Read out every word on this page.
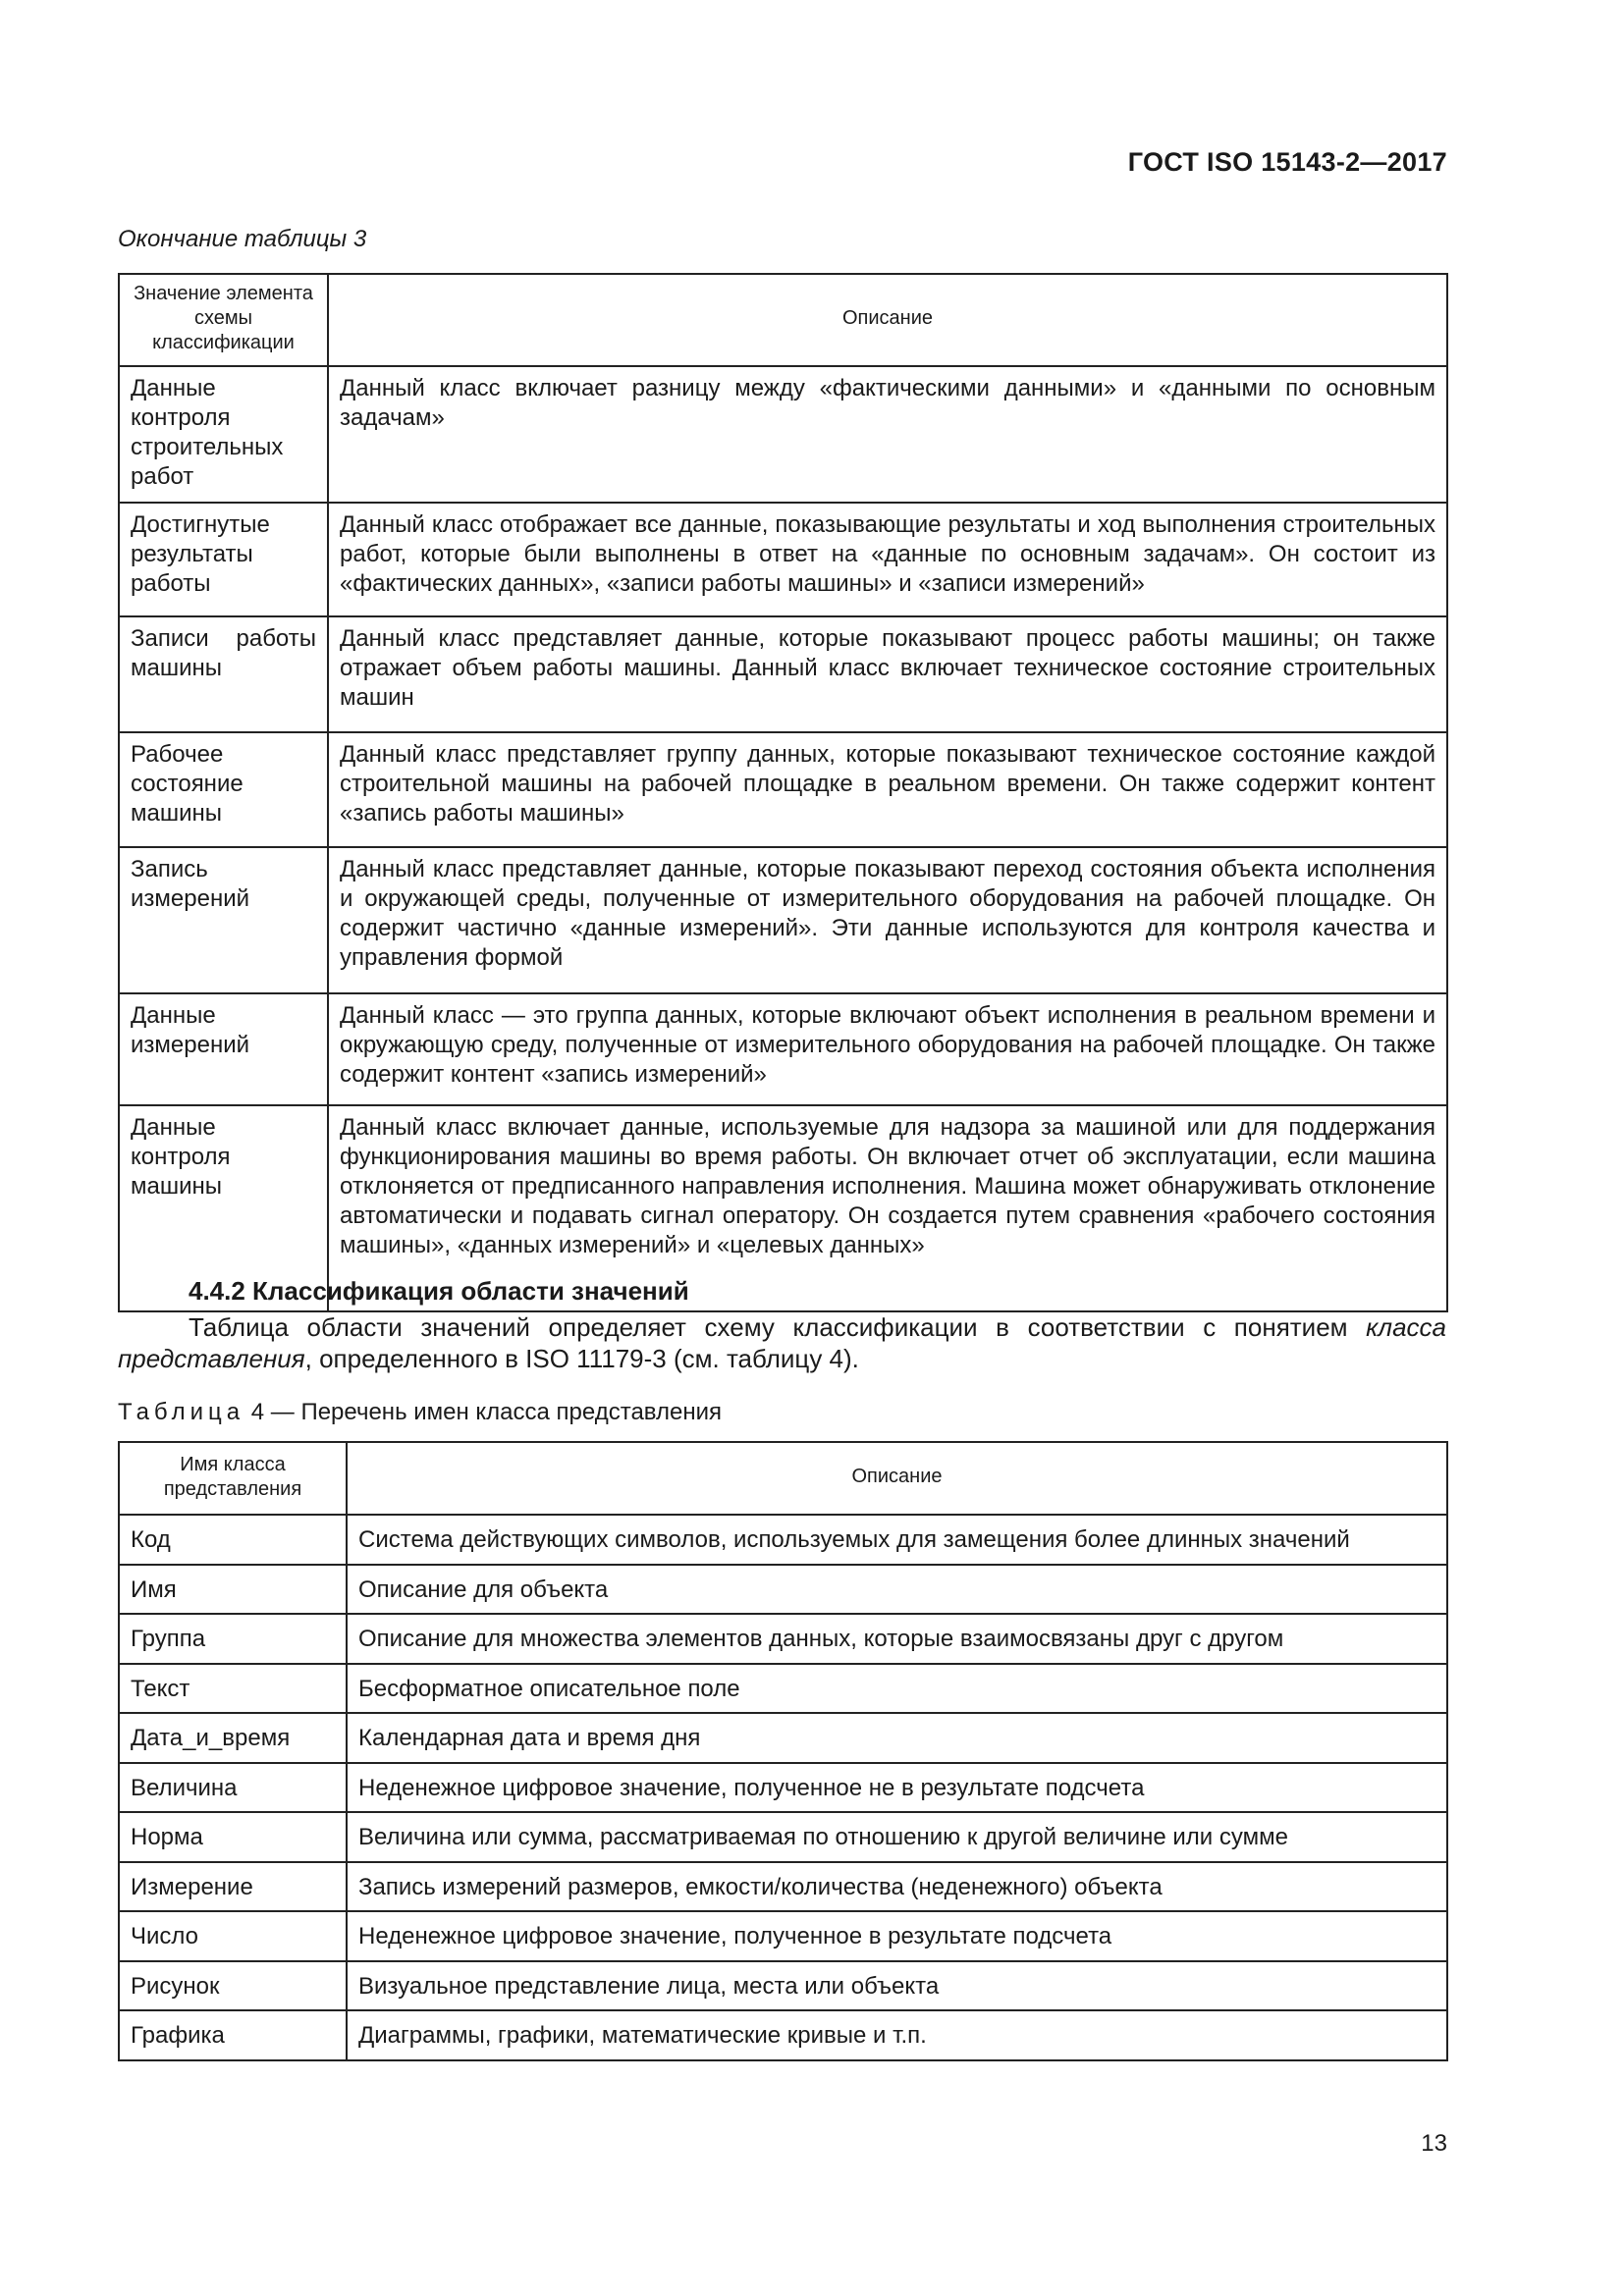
ГОСТ ISO 15143-2—2017
Окончание таблицы 3
Значение элемента схемы классификации	Описание
Данные контроля строительных работ	Данный класс включает разницу между «фактическими данными» и «данными по основным задачам»
Достигнутые результаты работы	Данный класс отображает все данные, показывающие результаты и ход выполнения строительных работ, которые были выполнены в ответ на «данные по основным задачам». Он состоит из «фактических данных», «записи работы машины» и «записи измерений»
Записи работы машины	Данный класс представляет данные, которые показывают процесс работы машины; он также отражает объем работы машины. Данный класс включает техническое состояние строительных машин
Рабочее состояние машины	Данный класс представляет группу данных, которые показывают техническое состояние каждой строительной машины на рабочей площадке в реальном времени. Он также содержит контент «запись работы машины»
Запись измерений	Данный класс представляет данные, которые показывают переход состояния объекта исполнения и окружающей среды, полученные от измерительного оборудования на рабочей площадке. Он содержит частично «данные измерений». Эти данные используются для контроля качества и управления формой
Данные измерений	Данный класс — это группа данных, которые включают объект исполнения в реальном времени и окружающую среду, полученные от измерительного оборудования на рабочей площадке. Он также содержит контент «запись измерений»
Данные контроля машины	Данный класс включает данные, используемые для надзора за машиной или для поддержания функционирования машины во время работы. Он включает отчет об эксплуатации, если машина отклоняется от предписанного направления исполнения. Машина может обнаруживать отклонение автоматически и подавать сигнал оператору. Он создается путем сравнения «рабочего состояния машины», «данных измерений» и «целевых данных»
4.4.2 Классификация области значений

Таблица области значений определяет схему классификации в соответствии с понятием класса представления, определенного в ISO 11179-3 (см. таблицу 4).

Таблица 4 — Перечень имен класса представления
Имя класса представления	Описание
Код	Система действующих символов, используемых для замещения более длинных значений
Имя	Описание для объекта
Группа	Описание для множества элементов данных, которые взаимосвязаны друг с другом
Текст	Бесформатное описательное поле
Дата_и_время	Календарная дата и время дня
Величина	Неденежное цифровое значение, полученное не в результате подсчета
Норма	Величина или сумма, рассматриваемая по отношению к другой величине или сумме
Измерение	Запись измерений размеров, емкости/количества (неденежного) объекта
Число	Неденежное цифровое значение, полученное в результате подсчета
Рисунок	Визуальное представление лица, места или объекта
Графика	Диаграммы, графики, математические кривые и т.п.
13
